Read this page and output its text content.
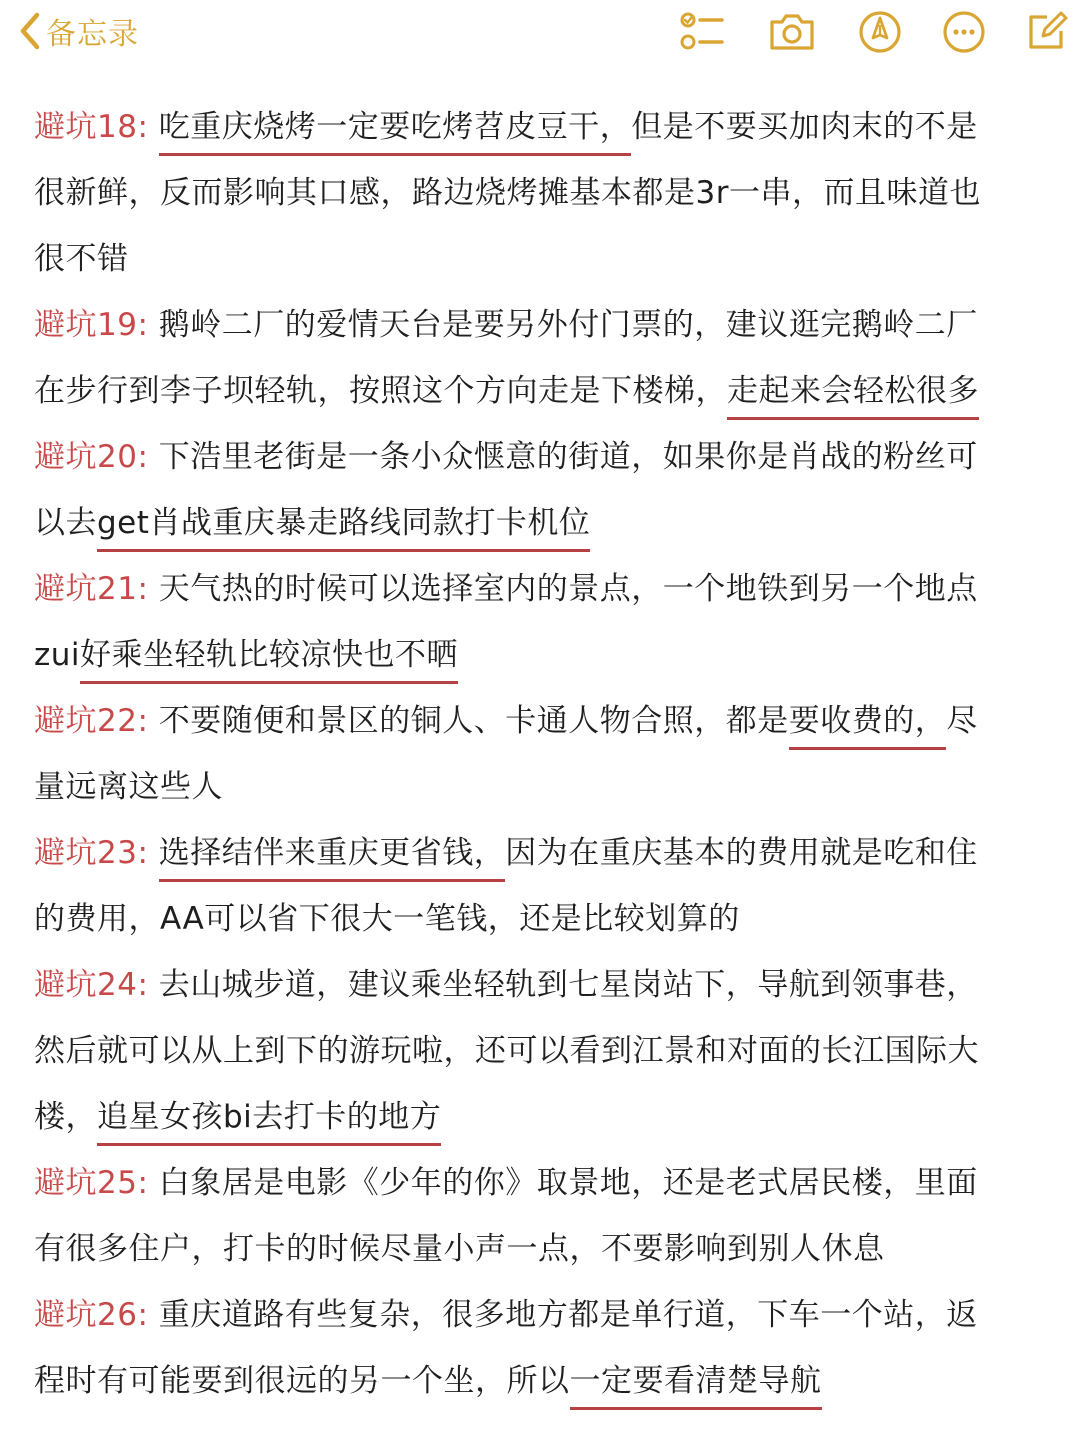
备忘录
避坑18: 吃重庆烧烤一定要吃烤苕皮豆干，但是不要买加肉末的不是
很新鲜，反而影响其口感，路边烧烤摊基本都是3r一串，而且味道也
很不错
避坑19: 鹅岭二厂的爱情天台是要另外付门票的，建议逛完鹅岭二厂
在步行到李子坝轻轨，按照这个方向走是下楼梯，走起来会轻松很多
避坑20: 下浩里老街是一条小众惬意的街道，如果你是肖战的粉丝可
以去get肖战重庆暴走路线同款打卡机位
避坑21: 天气热的时候可以选择室内的景点，一个地铁到另一个地点
zui好乘坐轻轨比较凉快也不晒
避坑22: 不要随便和景区的铜人、卡通人物合照，都是要收费的，尽
量远离这些人
避坑23: 选择结伴来重庆更省钱，因为在重庆基本的费用就是吃和住
的费用，AA可以省下很大一笔钱，还是比较划算的
避坑24: 去山城步道，建议乘坐轻轨到七星岗站下，导航到领事巷，
然后就可以从上到下的游玩啦，还可以看到江景和对面的长江国际大
楼，追星女孩bi去打卡的地方
避坑25: 白象居是电影《少年的你》取景地，还是老式居民楼，里面
有很多住户，打卡的时候尽量小声一点，不要影响到别人休息
避坑26: 重庆道路有些复杂，很多地方都是单行道，下车一个站，返
程时有可能要到很远的另一个坐，所以一定要看清楚导航
